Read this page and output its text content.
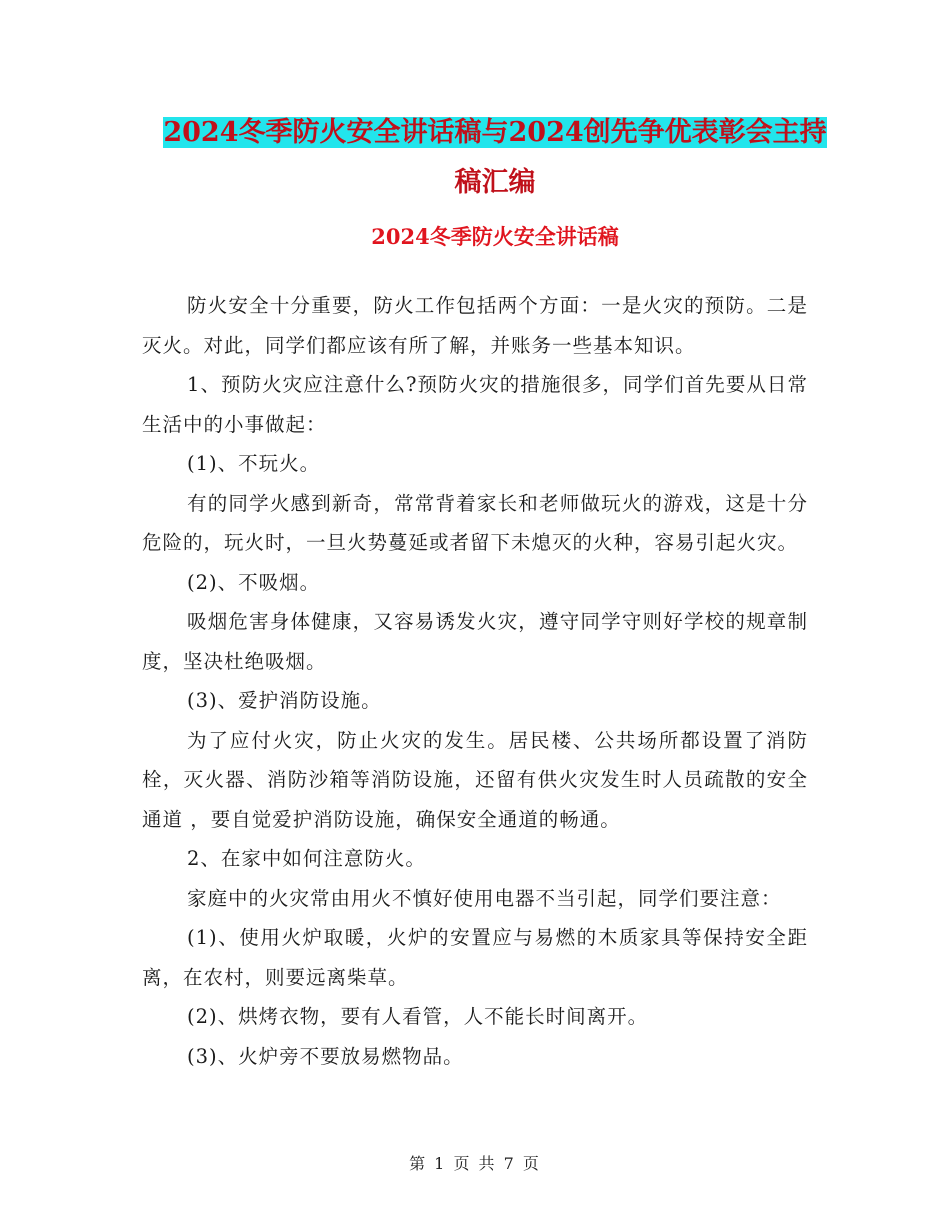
2024冬季防火安全讲话稿与2024创先争优表彰会主持
稿汇编
2024冬季防火安全讲话稿

防火安全十分重要，防火工作包括两个方面：一是火灾的预防。二是灭火。对此，同学们都应该有所了解，并账务一些基本知识。

1、预防火灾应注意什么?预防火灾的措施很多，同学们首先要从日常生活中的小事做起：

(1)、不玩火。

有的同学火感到新奇，常常背着家长和老师做玩火的游戏，这是十分危险的，玩火时，一旦火势蔓延或者留下未熄灭的火种，容易引起火灾。

(2)、不吸烟。

吸烟危害身体健康，又容易诱发火灾，遵守同学守则好学校的规章制度，坚决杜绝吸烟。

(3)、爱护消防设施。

为了应付火灾，防止火灾的发生。居民楼、公共场所都设置了消防栓，灭火器、消防沙箱等消防设施，还留有供火灾发生时人员疏散的安全通道 ，要自觉爱护消防设施，确保安全通道的畅通。

2、在家中如何注意防火。

家庭中的火灾常由用火不慎好使用电器不当引起，同学们要注意：

(1)、使用火炉取暖，火炉的安置应与易燃的木质家具等保持安全距离，在农村，则要远离柴草。

(2)、烘烤衣物，要有人看管，人不能长时间离开。

(3)、火炉旁不要放易燃物品。

第 1 页 共 7 页
